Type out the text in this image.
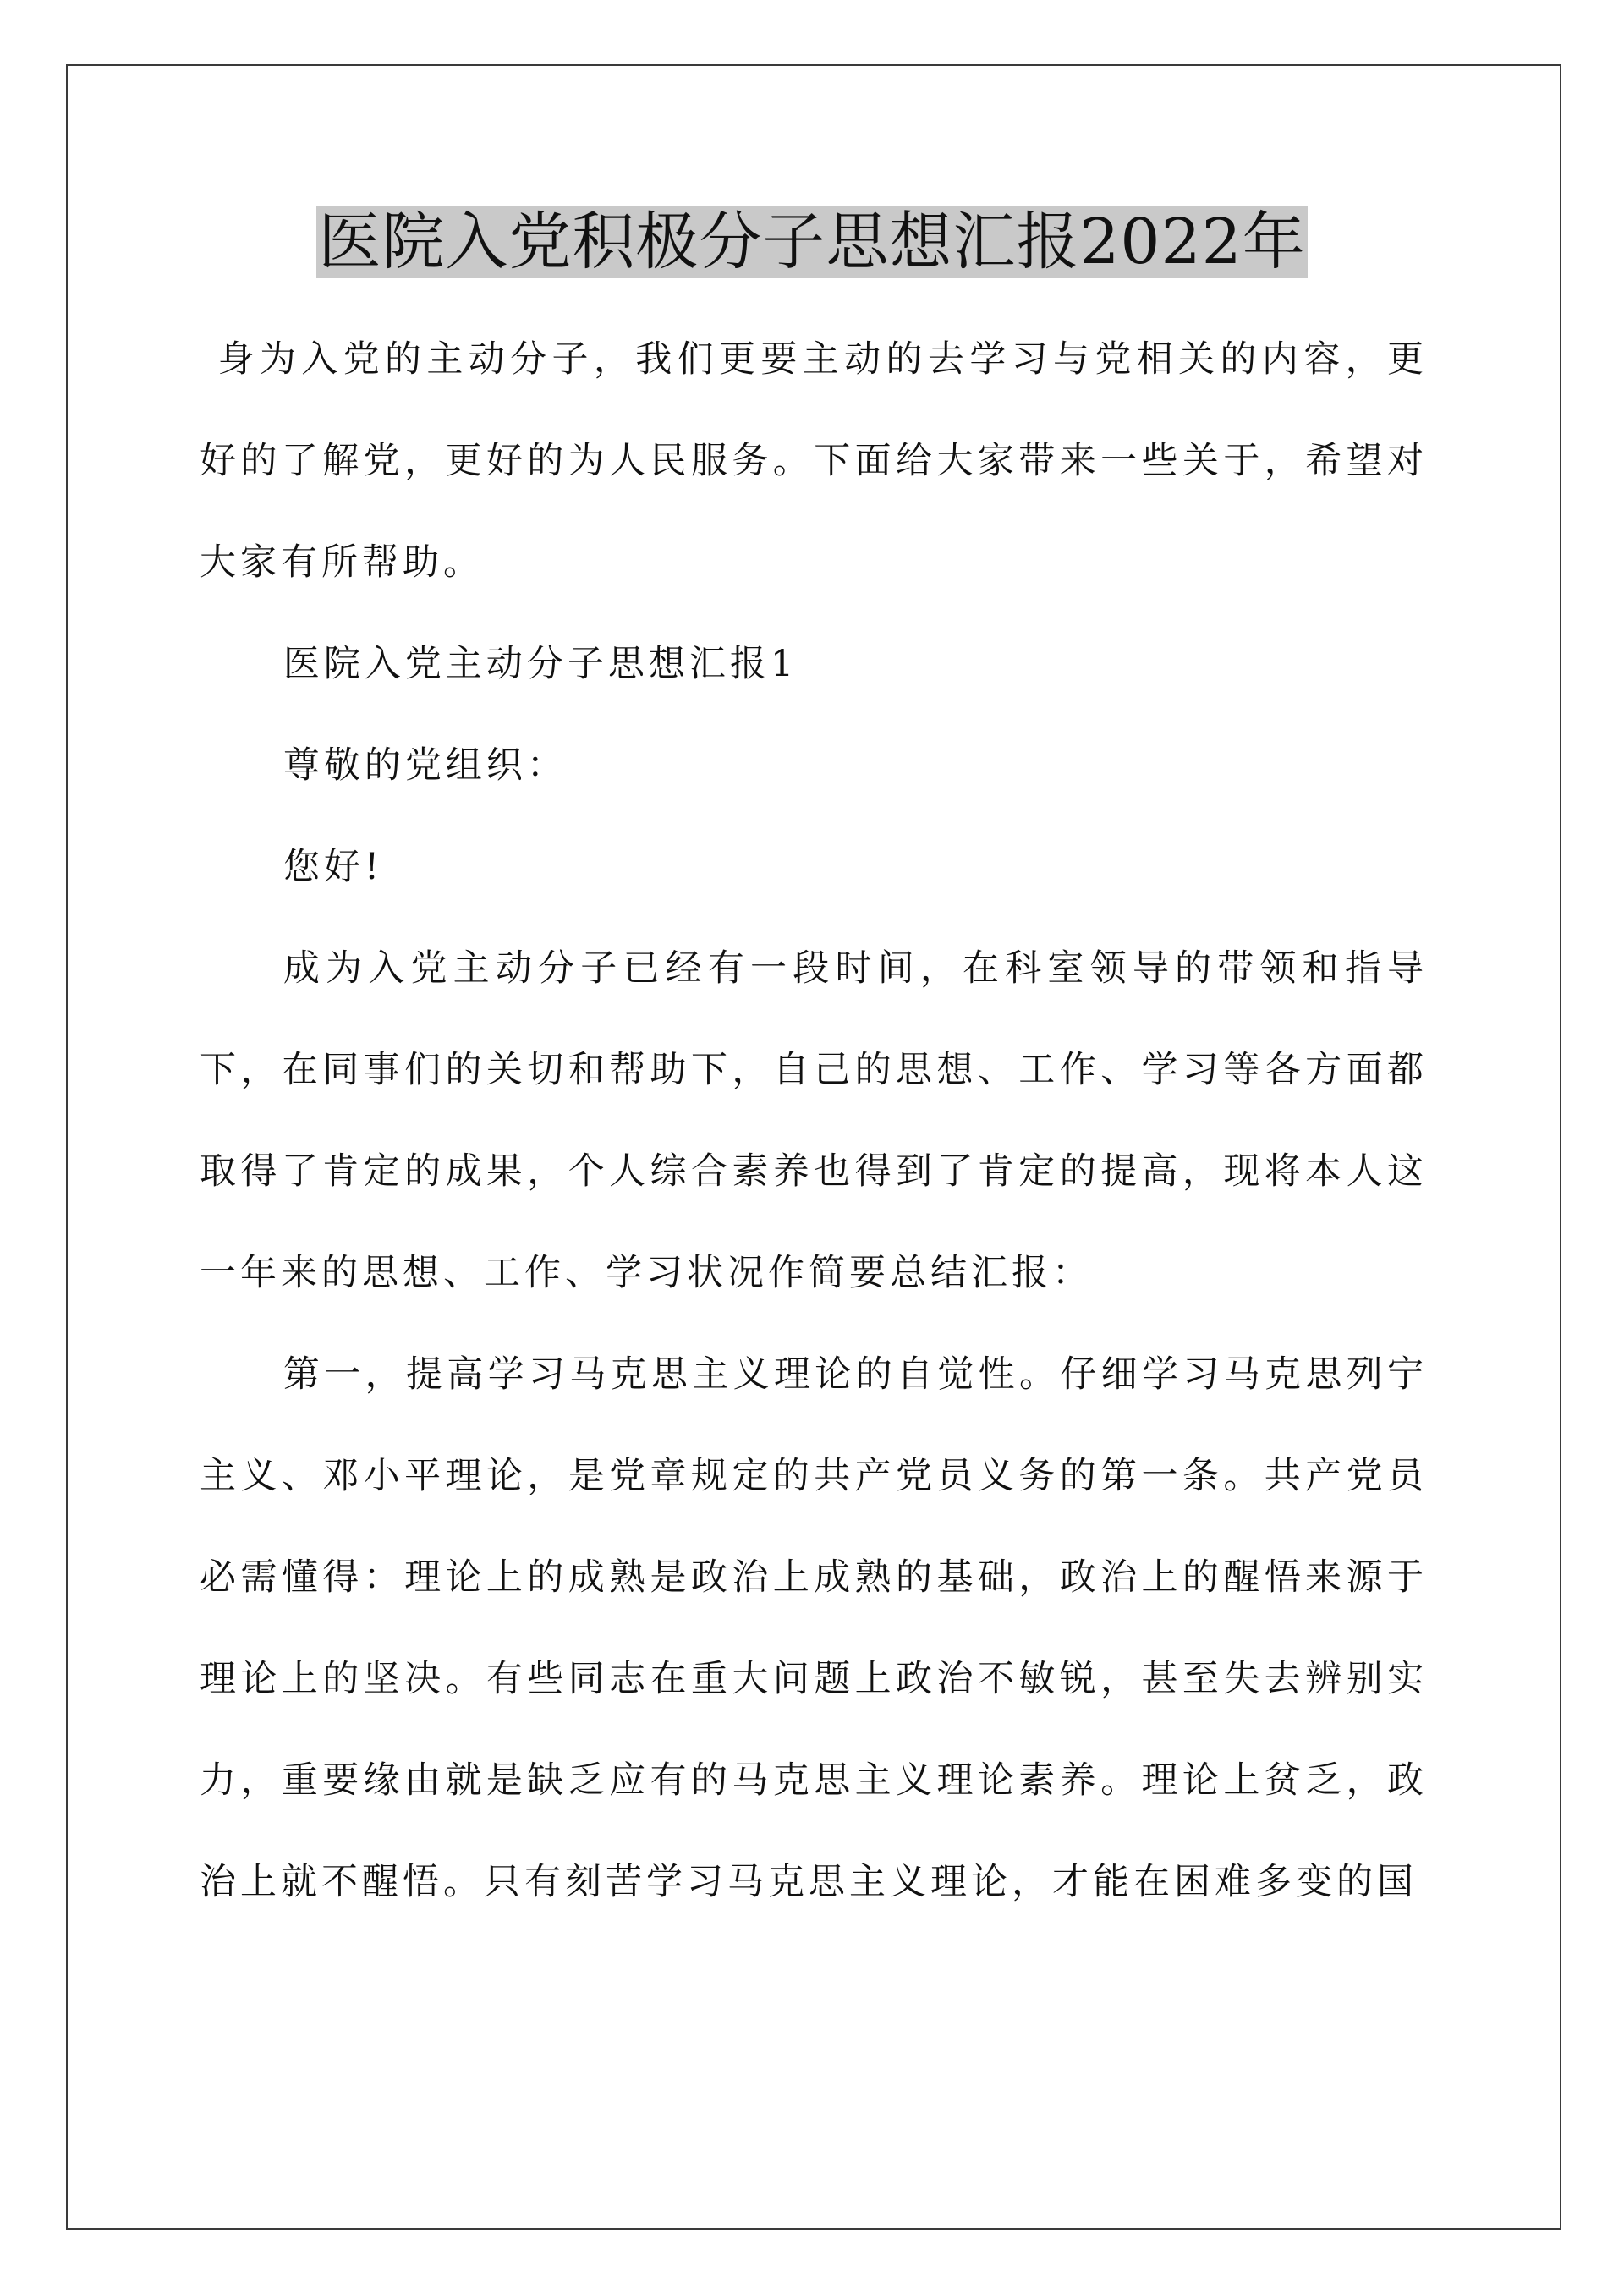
医院入党积极分子思想汇报2022年

身为入党的主动分子，我们更要主动的去学习与党相关的内容，更好的了解党，更好的为人民服务。下面给大家带来一些关于，希望对大家有所帮助。

医院入党主动分子思想汇报1

尊敬的党组织：

您好!

成为入党主动分子已经有一段时间，在科室领导的带领和指导下，在同事们的关切和帮助下，自己的思想、工作、学习等各方面都取得了肯定的成果，个人综合素养也得到了肯定的提高，现将本人这一年来的思想、工作、学习状况作简要总结汇报：

第一，提高学习马克思主义理论的自觉性。仔细学习马克思列宁主义、邓小平理论，是党章规定的共产党员义务的第一条。共产党员必需懂得：理论上的成熟是政治上成熟的基础，政治上的醒悟来源于理论上的坚决。有些同志在重大问题上政治不敏锐，甚至失去辨别实力，重要缘由就是缺乏应有的马克思主义理论素养。理论上贫乏，政治上就不醒悟。只有刻苦学习马克思主义理论，才能在困难多变的国
